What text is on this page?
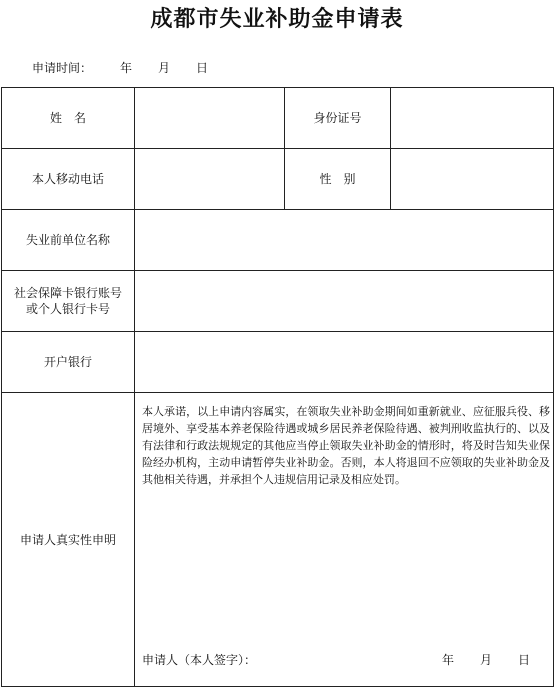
成都市失业补助金申请表
申请时间： 年 月 日
姓　名		身份证号	
本人移动电话		性　别	
失业前单位名称			

社会保障卡银行账号
或个人银行卡号			

开户银行			
申请人真实性申明	本人承诺，以上申请内容属实，在领取失业补助金期间如重新就业、应征服兵役、移居境外、享受基本养老保险待遇或城乡居民养老保险待遇、被判刑收监执行的、以及有法律和行政法规规定的其他应当停止领取失业补助金的情形时，将及时告知失业保险经办机构，主动申请暂停失业补助金。否则，本人将退回不应领取的失业补助金及其他相关待遇，并承担个人违规信用记录及相应处罚。
申请人（本人签字）： 年 月 日		
